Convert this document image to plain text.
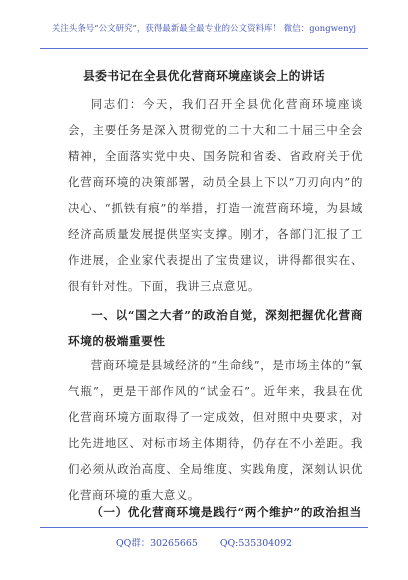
关注头条号“公文研究”，获得最新最全最专业的公文资料库！ 微信：gongwenyj
县委书记在全县优化营商环境座谈会上的讲话
同志们：今天，我们召开全县优化营商环境座谈会，主要任务是深入贯彻党的二十大和二十届三中全会精神，全面落实党中央、国务院和省委、省政府关于优化营商环境的决策部署，动员全县上下以“刀刃向内”的决心、“抓铁有痕”的举措，打造一流营商环境，为县域经济高质量发展提供坚实支撑。刚才，各部门汇报了工作进展，企业家代表提出了宝贵建议，讲得都很实在、很有针对性。下面，我讲三点意见。
一、以“国之大者”的政治自觉，深刻把握优化营商环境的极端重要性
营商环境是县域经济的“生命线”，是市场主体的“氧气瓶”，更是干部作风的“试金石”。近年来，我县在优化营商环境方面取得了一定成效，但对照中央要求，对比先进地区、对标市场主体期待，仍存在不小差距。我们必须从政治高度、全局维度、实践角度，深刻认识优化营商环境的重大意义。
（一）优化营商环境是践行“两个维护”的政治担当
QQ群：30265665 QQ:535304092
